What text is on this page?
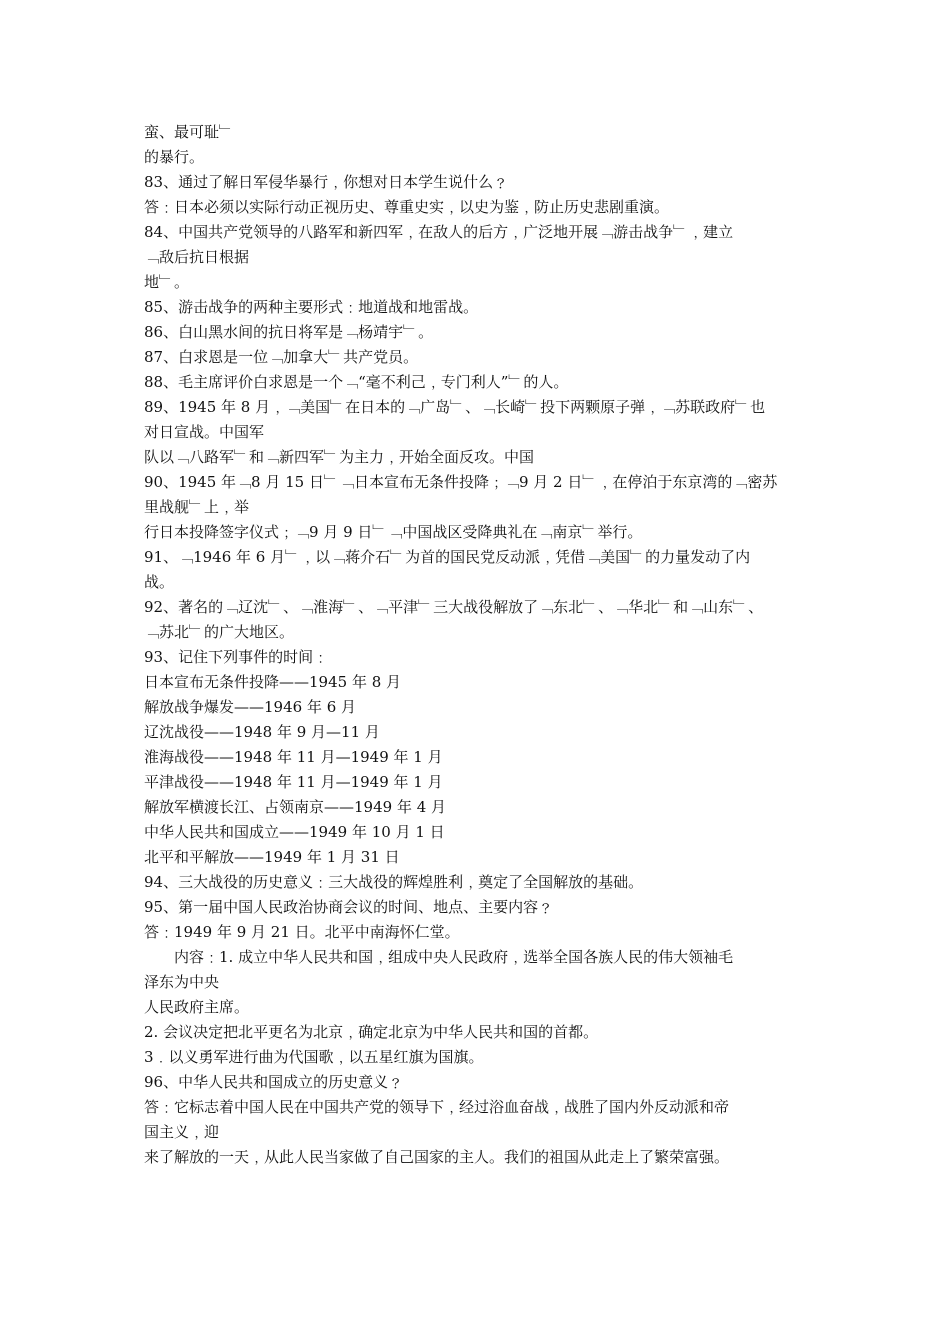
蛮、最可耻﹂
的暴行。
83、通过了解日军侵华暴行﹐你想对日本学生说什么﹖
答﹕日本必须以实际行动正视历史、尊重史实﹐以史为鉴﹐防止历史悲剧重演。
84、中国共产党领导的八路军和新四军﹐在敌人的后方﹐广泛地开展﹁游击战争﹂﹐建立
﹁敌后抗日根据
地﹂。
85、游击战争的两种主要形式﹕地道战和地雷战。
86、白山黑水间的抗日将军是﹁杨靖宇﹂。
87、白求恩是一位﹁加拿大﹂共产党员。
88、毛主席评价白求恩是一个﹁“毫不利己﹐专门利人”﹂的人。
89、1945 年 8 月﹐﹁美国﹂在日本的﹁广岛﹂、﹁长崎﹂投下两颗原子弹﹐﹁苏联政府﹂也
对日宣战。中国军
队以﹁八路军﹂和﹁新四军﹂为主力﹐开始全面反攻。中国
90、1945 年﹁8 月 15 日﹂﹁日本宣布无条件投降﹔﹁9 月 2 日﹂﹐在停泊于东京湾的﹁密苏
里战舰﹂上﹐举
行日本投降签字仪式﹔﹁9 月 9 日﹂﹁中国战区受降典礼在﹁南京﹂举行。
91、﹁1946 年 6 月﹂﹐以﹁蒋介石﹂为首的国民党反动派﹐凭借﹁美国﹂的力量发动了内
战。
92、著名的﹁辽沈﹂、﹁淮海﹂、﹁平津﹂三大战役解放了﹁东北﹂、﹁华北﹂和﹁山东﹂、
﹁苏北﹂的广大地区。
93、记住下列事件的时间﹕
日本宣布无条件投降——1945 年 8 月
解放战争爆发——1946 年 6 月
辽沈战役——1948 年 9 月—11 月
淮海战役——1948 年 11 月—1949 年 1 月
平津战役——1948 年 11 月—1949 年 1 月
解放军横渡长江、占领南京——1949 年 4 月
中华人民共和国成立——1949 年 10 月 1 日
北平和平解放——1949 年 1 月 31 日
94、三大战役的历史意义﹕三大战役的辉煌胜利﹐奠定了全国解放的基础。
95、第一届中国人民政治协商会议的时间、地点、主要内容﹖
答﹕1949 年 9 月 21 日。北平中南海怀仁堂。
内容﹕1. 成立中华人民共和国﹐组成中央人民政府﹐选举全国各族人民的伟大领袖毛
泽东为中央
人民政府主席。
2. 会议决定把北平更名为北京﹐确定北京为中华人民共和国的首都。
3﹒以义勇军进行曲为代国歌﹐以五星红旗为国旗。
96、中华人民共和国成立的历史意义﹖
答﹕它标志着中国人民在中国共产党的领导下﹐经过浴血奋战﹐战胜了国内外反动派和帝
国主义﹐迎
来了解放的一天﹐从此人民当家做了自己国家的主人。我们的祖国从此走上了繁荣富强。
